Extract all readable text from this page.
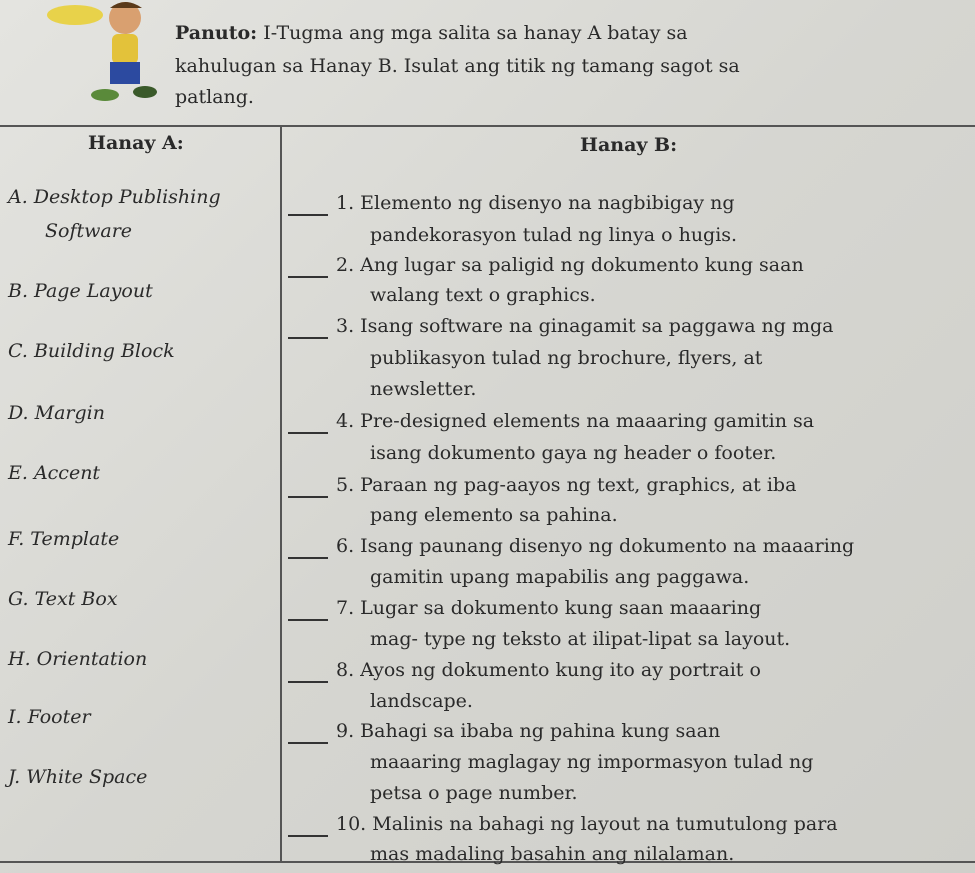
Panuto: I-Tugma ang mga salita sa hanay A batay sa
kahulugan sa Hanay B. Isulat ang titik ng tamang sagot sa
patlang.
Hanay A:	Hanay B:
A. Desktop Publishing
Software
B. Page Layout
C. Building Block
D. Margin
E. Accent
F. Template
G. Text Box
H. Orientation
I. Footer
J. White Space
1. Elemento ng disenyo na nagbibigay ng
pandekorasyon tulad ng linya o hugis.
2. Ang lugar sa paligid ng dokumento kung saan
walang text o graphics.
3. Isang software na ginagamit sa paggawa ng mga
publikasyon tulad ng brochure, flyers, at
newsletter.
4. Pre-designed elements na maaaring gamitin sa
isang dokumento gaya ng header o footer.
5. Paraan ng pag-aayos ng text, graphics, at iba
pang elemento sa pahina.
6. Isang paunang disenyo ng dokumento na maaaring
gamitin upang mapabilis ang paggawa.
7. Lugar sa dokumento kung saan maaaring
mag- type ng teksto at ilipat-lipat sa layout.
8. Ayos ng dokumento kung ito ay portrait o
landscape.
9. Bahagi sa ibaba ng pahina kung saan
maaaring maglagay ng impormasyon tulad ng
petsa o page number.
10. Malinis na bahagi ng layout na tumutulong para
mas madaling basahin ang nilalaman.
